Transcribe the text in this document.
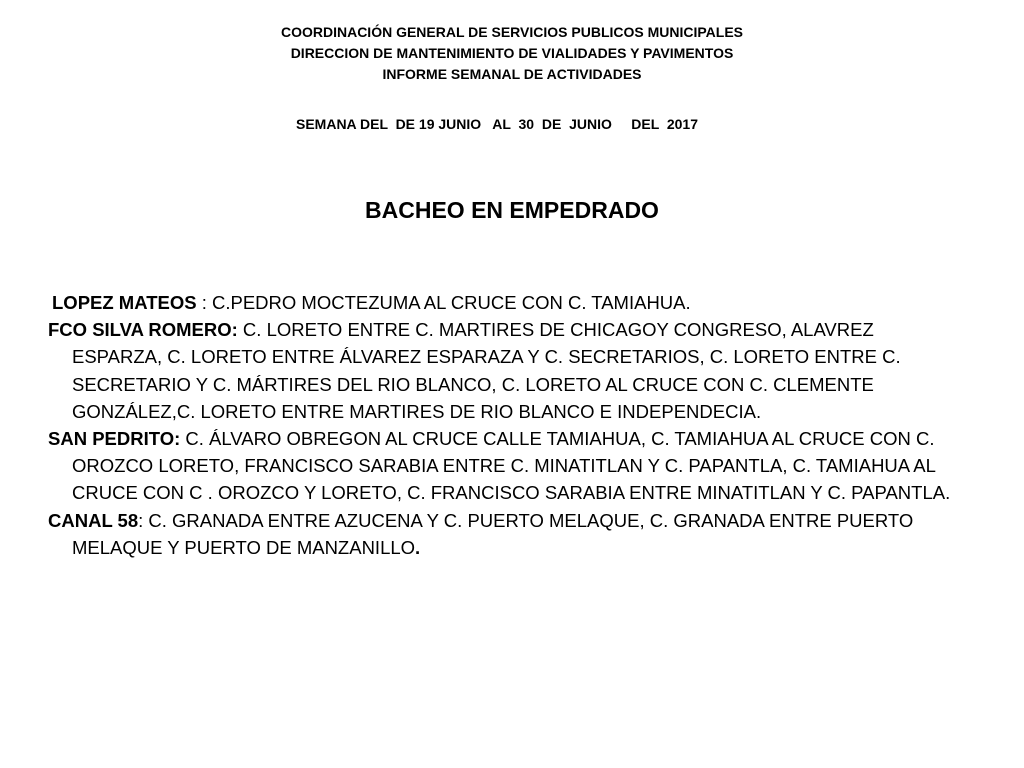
COORDINACIÓN GENERAL DE SERVICIOS PUBLICOS MUNICIPALES
DIRECCION DE MANTENIMIENTO DE VIALIDADES Y PAVIMENTOS
INFORME SEMANAL DE ACTIVIDADES
SEMANA DEL  DE 19 JUNIO   AL  30  DE  JUNIO     DEL  2017
BACHEO EN EMPEDRADO

LOPEZ MATEOS : C.PEDRO MOCTEZUMA AL CRUCE CON C. TAMIAHUA.

FCO SILVA ROMERO: C. LORETO ENTRE C. MARTIRES DE CHICAGOY CONGRESO, ALAVREZ ESPARZA, C. LORETO ENTRE ÁLVAREZ ESPARAZA Y C. SECRETARIOS, C. LORETO ENTRE C. SECRETARIO Y C. MÁRTIRES DEL RIO BLANCO, C. LORETO AL CRUCE CON C. CLEMENTE GONZÁLEZ,C. LORETO ENTRE MARTIRES DE RIO BLANCO E INDEPENDECIA.

SAN PEDRITO: C. ÁLVARO OBREGON AL CRUCE CALLE TAMIAHUA, C. TAMIAHUA AL CRUCE CON C. OROZCO LORETO, FRANCISCO SARABIA ENTRE C. MINATITLAN Y C. PAPANTLA, C. TAMIAHUA AL CRUCE CON C . OROZCO Y LORETO, C. FRANCISCO SARABIA ENTRE MINATITLAN Y C. PAPANTLA.

CANAL 58: C. GRANADA ENTRE AZUCENA Y C. PUERTO MELAQUE, C. GRANADA ENTRE PUERTO MELAQUE Y PUERTO DE MANZANILLO.
